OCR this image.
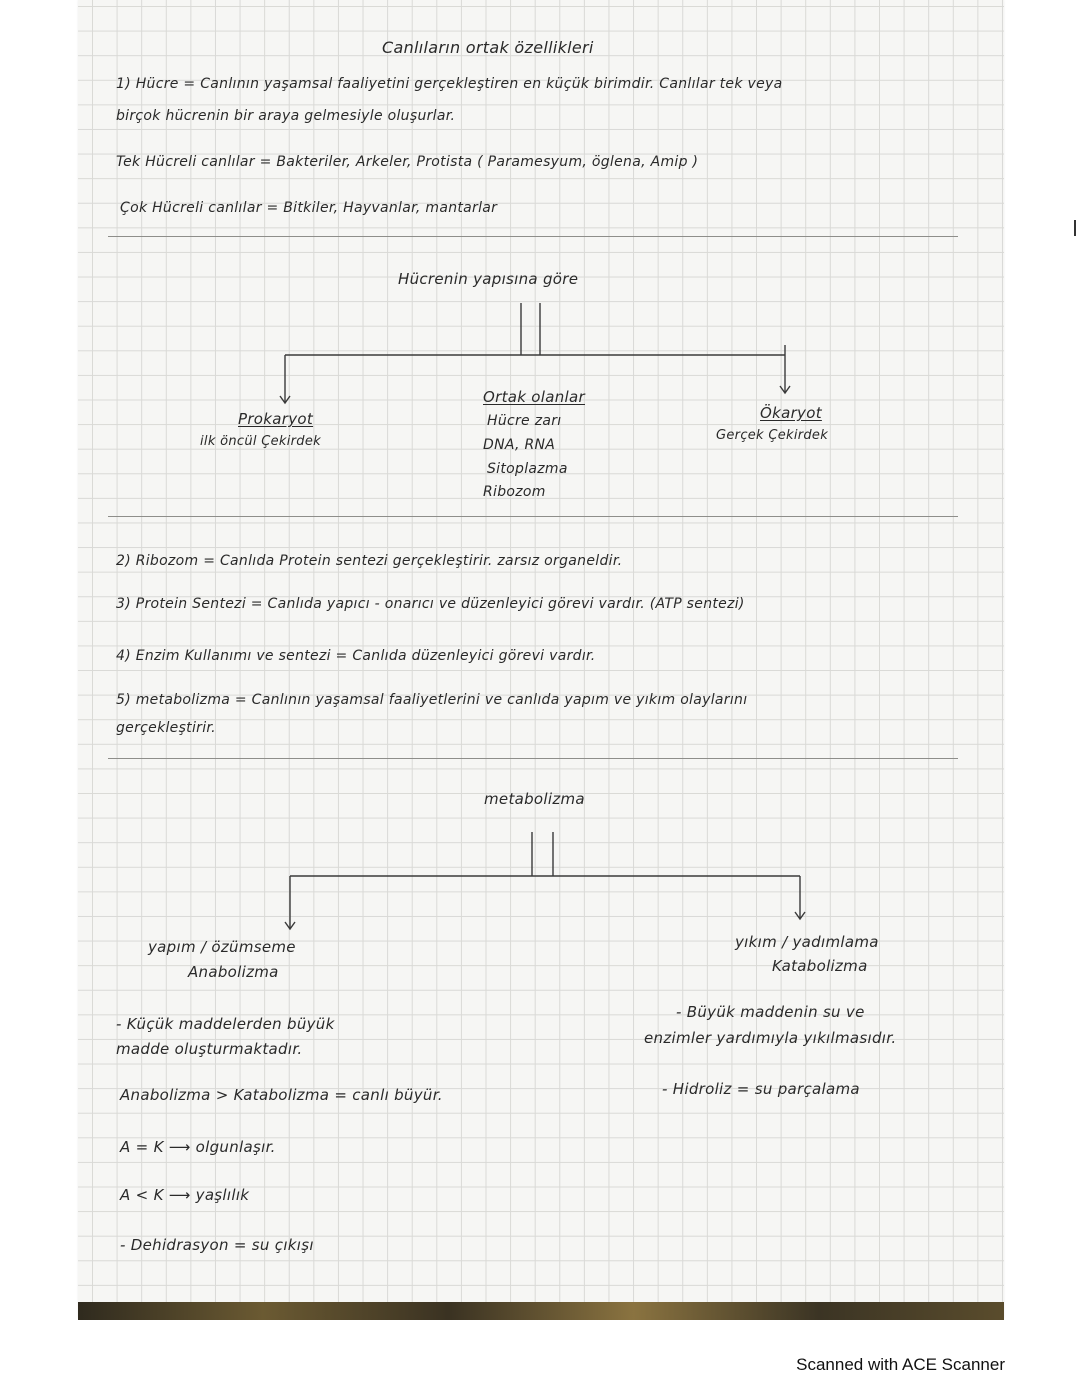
Canlıların ortak özellikleri
1) Hücre = Canlının yaşamsal faaliyetini gerçekleştiren en küçük birimdir. Canlılar tek veya
birçok hücrenin bir araya gelmesiyle oluşurlar.
Tek Hücreli canlılar = Bakteriler, Arkeler, Protista ( Paramesyum, öglena, Amip )
Çok Hücreli canlılar = Bitkiler, Hayvanlar, mantarlar
Hücrenin yapısına göre
Prokaryot
ilk öncül Çekirdek
Ortak olanlar
Hücre zarı
DNA, RNA
Sitoplazma
Ribozom
Ökaryot
Gerçek Çekirdek
2) Ribozom = Canlıda Protein sentezi gerçekleştirir. zarsız organeldir.
3) Protein Sentezi = Canlıda yapıcı - onarıcı ve düzenleyici görevi vardır. (ATP sentezi)
4) Enzim Kullanımı ve sentezi = Canlıda düzenleyici görevi vardır.
5) metabolizma = Canlının yaşamsal faaliyetlerini ve canlıda yapım ve yıkım olaylarını
gerçekleştirir.
metabolizma
yapım / özümseme
Anabolizma
yıkım / yadımlama
Katabolizma
- Küçük maddelerden büyük
madde oluşturmaktadır.
- Büyük maddenin su ve
enzimler yardımıyla yıkılmasıdır.
- Hidroliz = su parçalama
Anabolizma > Katabolizma = canlı büyür.
A = K ⟶ olgunlaşır.
A < K ⟶ yaşlılık
- Dehidrasyon = su çıkışı
Scanned with ACE Scanner
